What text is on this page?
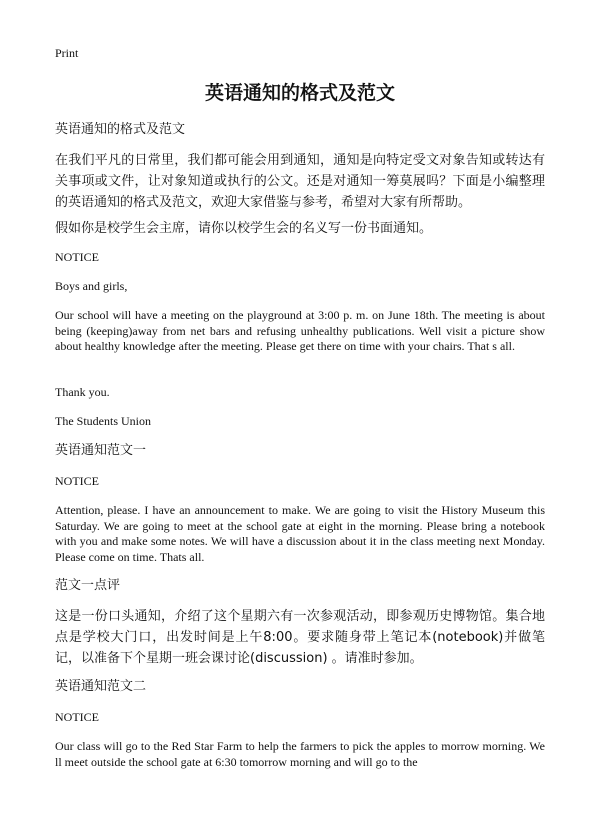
Print
英语通知的格式及范文

英语通知的格式及范文

在我们平凡的日常里，我们都可能会用到通知，通知是向特定受文对象告知或转达有关事项或文件，让对象知道或执行的公文。还是对通知一筹莫展吗？下面是小编整理的英语通知的格式及范文，欢迎大家借鉴与参考，希望对大家有所帮助。

假如你是校学生会主席，请你以校学生会的名义写一份书面通知。

NOTICE

Boys and girls,

Our school will have a meeting on the playground at 3:00 p. m. on June 18th. The meeting is about being (keeping)away from net bars and refusing unhealthy publications. Well visit a picture show about healthy knowledge after the meeting. Please get there on time with your chairs. That s all.

Thank you.

The Students Union

英语通知范文一

NOTICE

Attention, please. I have an announcement to make. We are going to visit the History Museum this Saturday. We are going to meet at the school gate at eight in the morning. Please bring a notebook with you and make some notes. We will have a discussion about it in the class meeting next Monday. Please come on time. Thats all.

范文一点评

这是一份口头通知，介绍了这个星期六有一次参观活动，即参观历史博物馆。集合地点是学校大门口，出发时间是上午8:00。要求随身带上笔记本(notebook)并做笔记，以准备下个星期一班会课讨论(discussion) 。请准时参加。

英语通知范文二

NOTICE

Our class will go to the Red Star Farm to help the farmers to pick the apples to morrow morning. We ll meet outside the school gate at 6:30 tomorrow morning and will go to the
